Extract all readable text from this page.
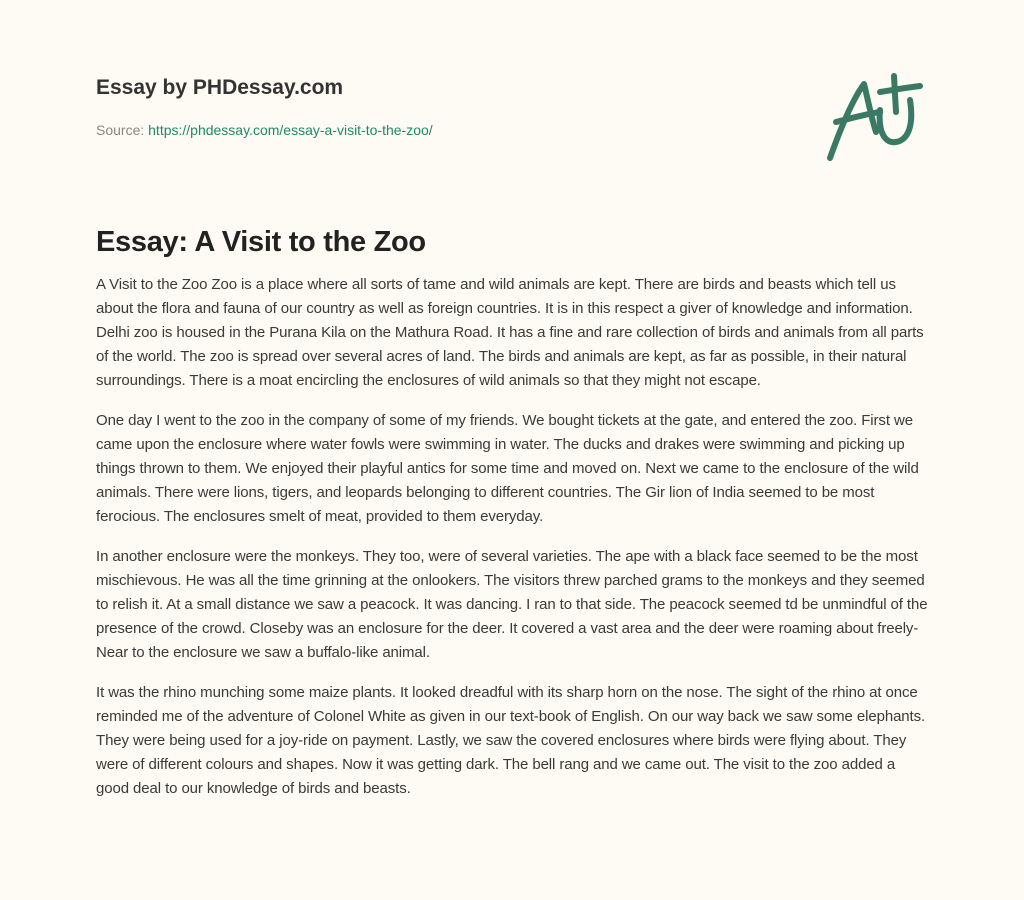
Essay by PHDessay.com
Source: https://phdessay.com/essay-a-visit-to-the-zoo/
Essay: A Visit to the Zoo

A Visit to the Zoo Zoo is a place where all sorts of tame and wild animals are kept. There are birds and beasts which tell us about the flora and fauna of our country as well as foreign countries. It is in this respect a giver of knowledge and information. Delhi zoo is housed in the Purana Kila on the Mathura Road. It has a fine and rare collection of birds and animals from all parts of the world. The zoo is spread over several acres of land. The birds and animals are kept, as far as possible, in their natural surroundings. There is a moat encircling the enclosures of wild animals so that they might not escape.

One day I went to the zoo in the company of some of my friends. We bought tickets at the gate, and entered the zoo. First we came upon the enclosure where water fowls were swimming in water. The ducks and drakes were swimming and picking up things thrown to them. We enjoyed their playful antics for some time and moved on. Next we came to the enclosure of the wild animals. There were lions, tigers, and leopards belonging to different countries. The Gir lion of India seemed to be most ferocious. The enclosures smelt of meat, provided to them everyday.

In another enclosure were the monkeys. They too, were of several varieties. The ape with a black face seemed to be the most mischievous. He was all the time grinning at the onlookers. The visitors threw parched grams to the monkeys and they seemed to relish it. At a small distance we saw a peacock. It was dancing. I ran to that side. The peacock seemed td be unmindful of the presence of the crowd. Closeby was an enclosure for the deer. It covered a vast area and the deer were roaming about freely- Near to the enclosure we saw a buffalo-like animal.

It was the rhino munching some maize plants. It looked dreadful with its sharp horn on the nose. The sight of the rhino at once reminded me of the adventure of Colonel White as given in our text-book of English. On our way back we saw some elephants. They were being used for a joy-ride on payment. Lastly, we saw the covered enclosures where birds were flying about. They were of different colours and shapes. Now it was getting dark. The bell rang and we came out. The visit to the zoo added a good deal to our knowledge of birds and beasts.
